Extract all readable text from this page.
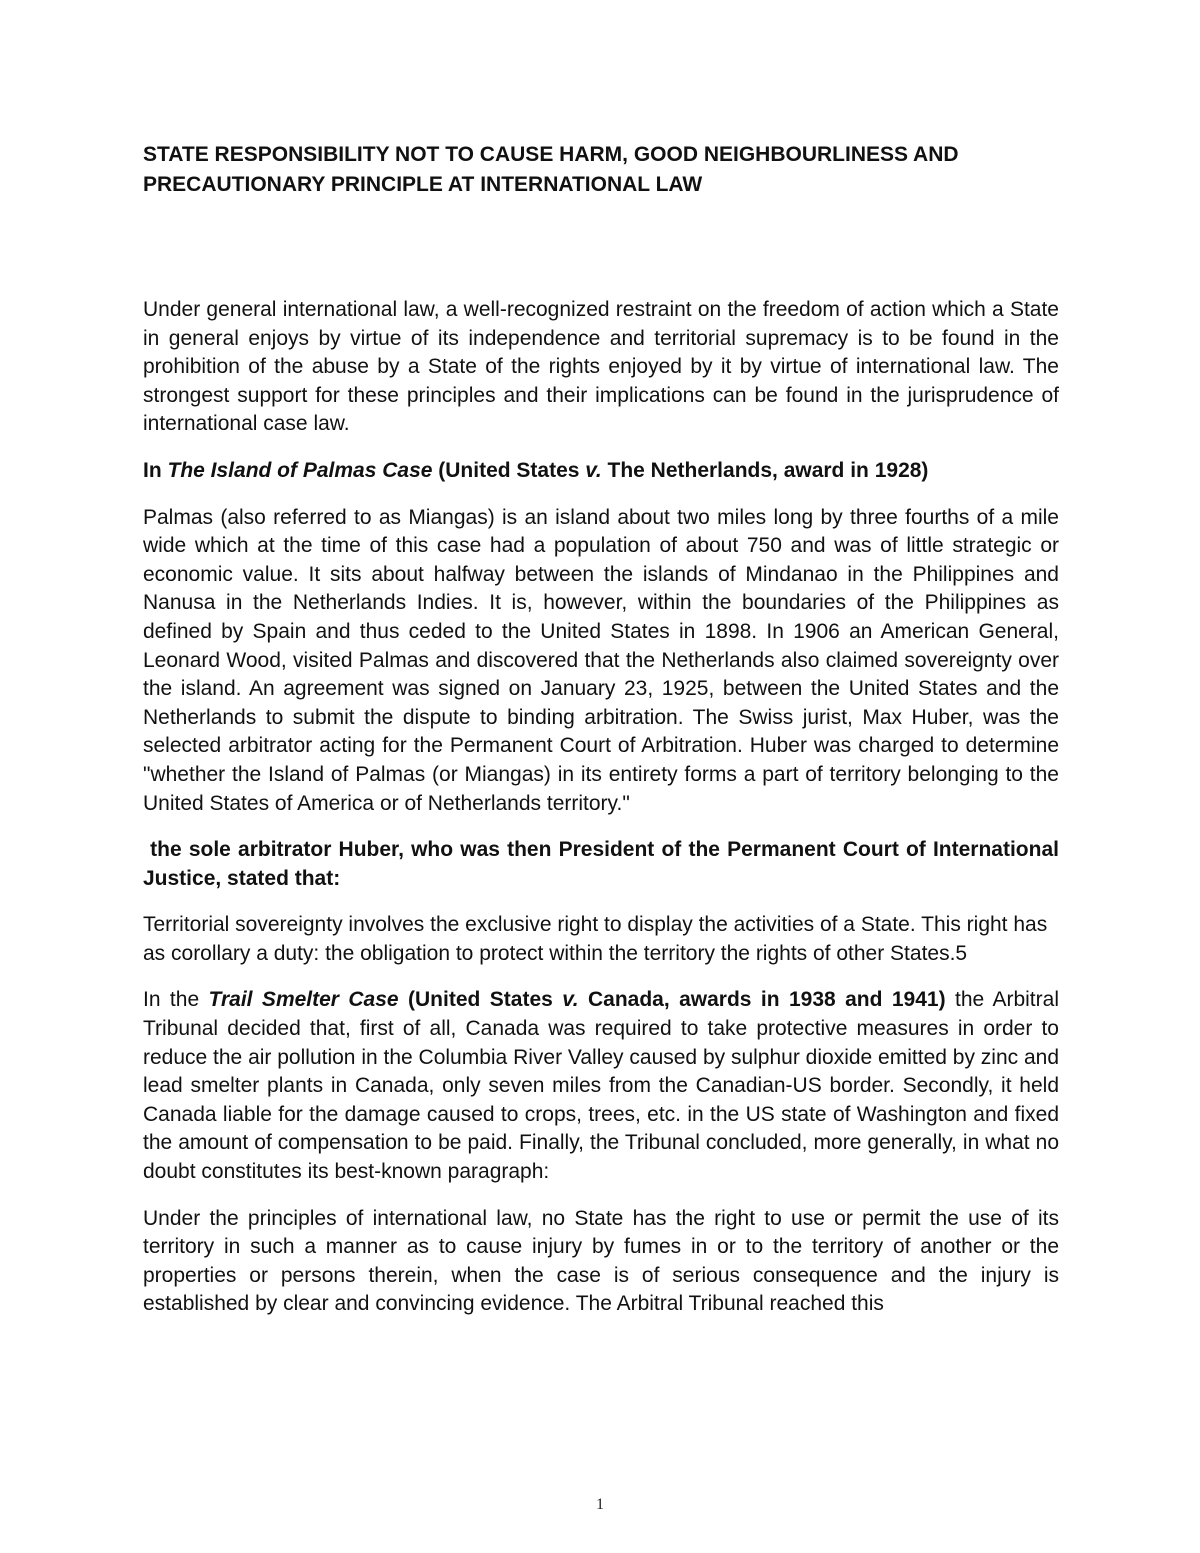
STATE RESPONSIBILITY NOT TO CAUSE HARM, GOOD NEIGHBOURLINESS AND
PRECAUTIONARY PRINCIPLE AT INTERNATIONAL LAW

Under general international law, a well-recognized restraint on the freedom of action which a State in general enjoys by virtue of its independence and territorial supremacy is to be found in the prohibition of the abuse by a State of the rights enjoyed by it by virtue of international law. The strongest support for these principles and their implications can be found in the jurisprudence of international case law.

In The Island of Palmas Case (United States v. The Netherlands, award in 1928)

Palmas (also referred to as Miangas) is an island about two miles long by three fourths of a mile wide which at the time of this case had a population of about 750 and was of little strategic or economic value. It sits about halfway between the islands of Mindanao in the Philippines and Nanusa in the Netherlands Indies. It is, however, within the boundaries of the Philippines as defined by Spain and thus ceded to the United States in 1898. In 1906 an American General, Leonard Wood, visited Palmas and discovered that the Netherlands also claimed sovereignty over the island. An agreement was signed on January 23, 1925, between the United States and the Netherlands to submit the dispute to binding arbitration. The Swiss jurist, Max Huber, was the selected arbitrator acting for the Permanent Court of Arbitration. Huber was charged to determine "whether the Island of Palmas (or Miangas) in its entirety forms a part of territory belonging to the United States of America or of Netherlands territory."

the sole arbitrator Huber, who was then President of the Permanent Court of International Justice, stated that:

Territorial sovereignty involves the exclusive right to display the activities of a State. This right has as corollary a duty: the obligation to protect within the territory the rights of other States.5

In the Trail Smelter Case (United States v. Canada, awards in 1938 and 1941) the Arbitral Tribunal decided that, first of all, Canada was required to take protective measures in order to reduce the air pollution in the Columbia River Valley caused by sulphur dioxide emitted by zinc and lead smelter plants in Canada, only seven miles from the Canadian-US border. Secondly, it held Canada liable for the damage caused to crops, trees, etc. in the US state of Washington and fixed the amount of compensation to be paid. Finally, the Tribunal concluded, more generally, in what no doubt constitutes its best-known paragraph:

Under the principles of international law, no State has the right to use or permit the use of its territory in such a manner as to cause injury by fumes in or to the territory of another or the properties or persons therein, when the case is of serious consequence and the injury is established by clear and convincing evidence. The Arbitral Tribunal reached this

1
